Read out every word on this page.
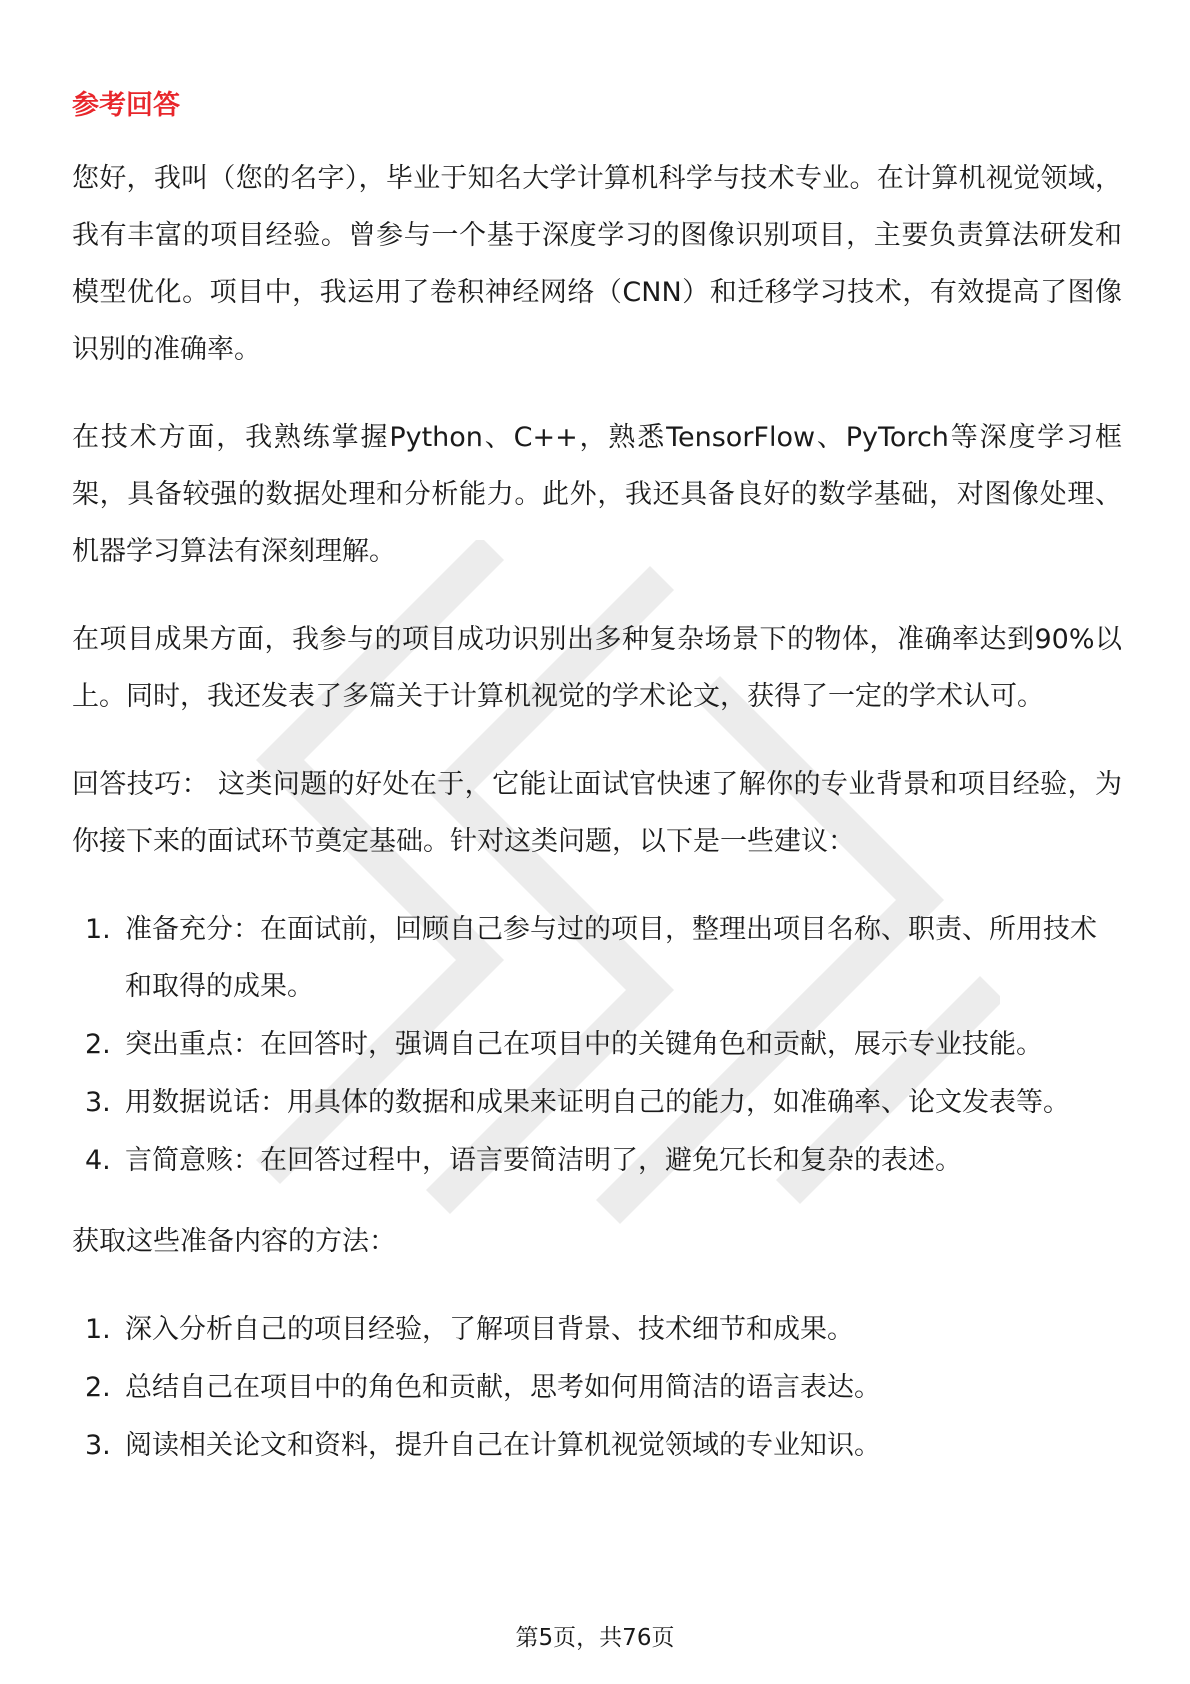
参考回答

您好，我叫（您的名字），毕业于知名大学计算机科学与技术专业。在计算机视觉领域，我有丰富的项目经验。曾参与一个基于深度学习的图像识别项目，主要负责算法研发和模型优化。项目中，我运用了卷积神经网络（CNN）和迁移学习技术，有效提高了图像识别的准确率。

在技术方面，我熟练掌握Python、C++，熟悉TensorFlow、PyTorch等深度学习框架，具备较强的数据处理和分析能力。此外，我还具备良好的数学基础，对图像处理、机器学习算法有深刻理解。

在项目成果方面，我参与的项目成功识别出多种复杂场景下的物体，准确率达到90%以上。同时，我还发表了多篇关于计算机视觉的学术论文，获得了一定的学术认可。

回答技巧： 这类问题的好处在于，它能让面试官快速了解你的专业背景和项目经验，为你接下来的面试环节奠定基础。针对这类问题，以下是一些建议：

1. 准备充分：在面试前，回顾自己参与过的项目，整理出项目名称、职责、所用技术和取得的成果。
2. 突出重点：在回答时，强调自己在项目中的关键角色和贡献，展示专业技能。
3. 用数据说话：用具体的数据和成果来证明自己的能力，如准确率、论文发表等。
4. 言简意赅：在回答过程中，语言要简洁明了，避免冗长和复杂的表述。

获取这些准备内容的方法：

1. 深入分析自己的项目经验，了解项目背景、技术细节和成果。
2. 总结自己在项目中的角色和贡献，思考如何用简洁的语言表达。
3. 阅读相关论文和资料，提升自己在计算机视觉领域的专业知识。
第5页，共76页
